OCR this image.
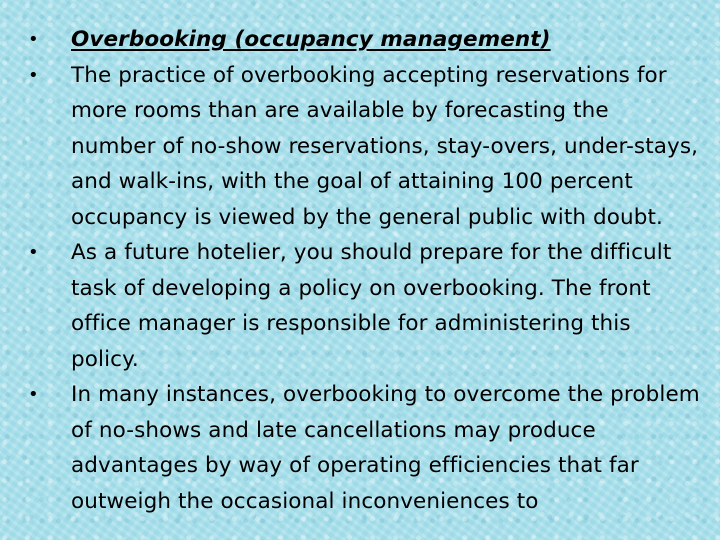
• Overbooking (occupancy management)
• The practice of overbooking accepting reservations for more rooms than are available by forecasting the number of no-show reservations, stay-overs, under-stays, and walk-ins, with the goal of attaining 100 percent occupancy is viewed by the general public with doubt.
• As a future hotelier, you should prepare for the difficult task of developing a policy on overbooking. The front office manager is responsible for administering this policy.
• In many instances, overbooking to overcome the problem of no-shows and late cancellations may produce advantages by way of operating efficiencies that far outweigh the occasional inconveniences to
